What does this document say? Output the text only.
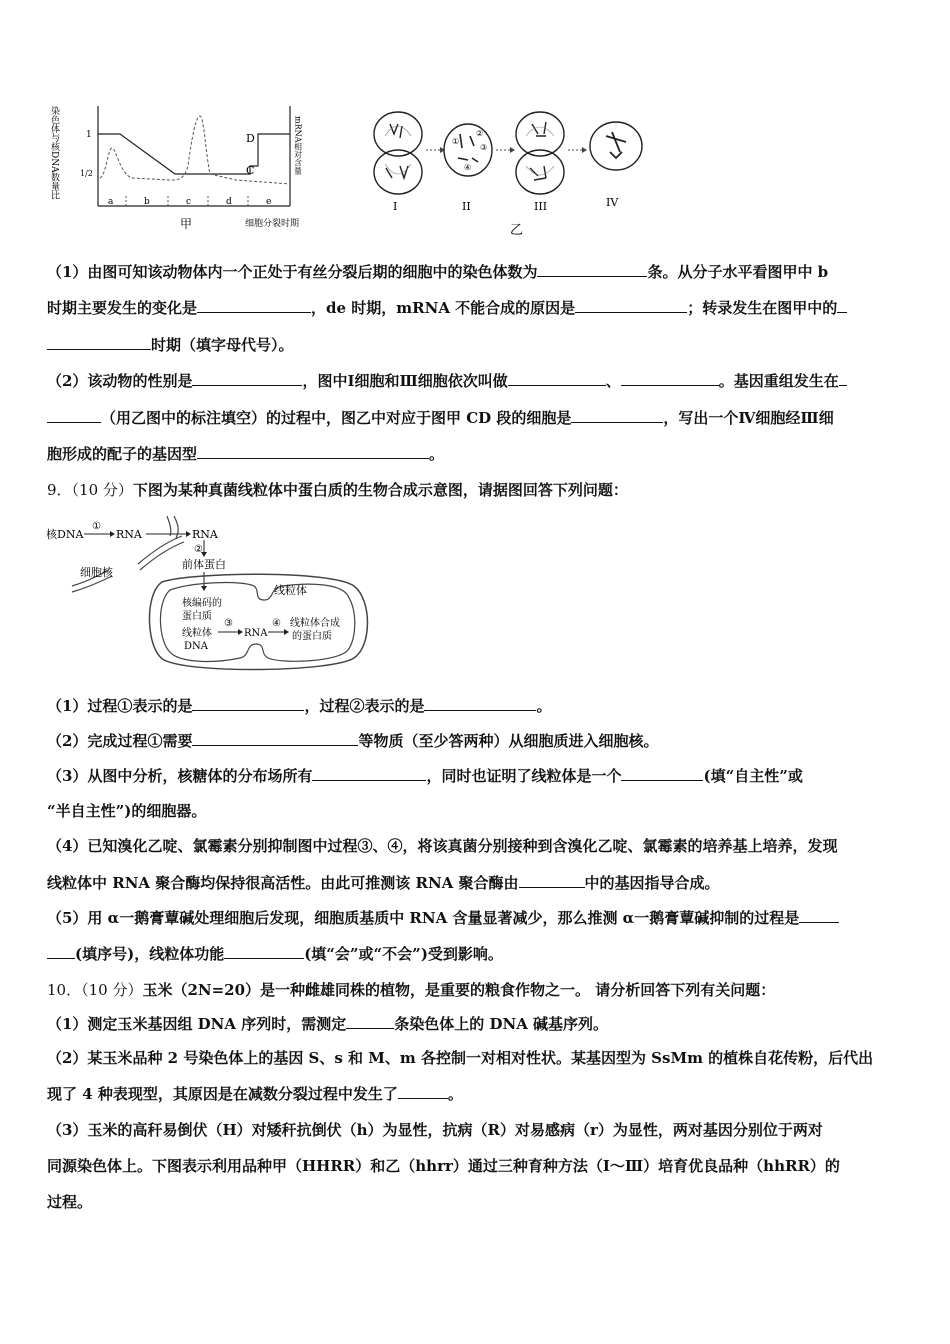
染色体与核DNA数量比	1
1/2
a	b	c	d	e
D
C	mRNA相对含量
甲	细胞分裂时期
I
①
②
③
④
II	III	IV
乙
（1）由图可知该动物体内一个正处于有丝分裂后期的细胞中的染色体数为	条。从分子水平看图甲中 b
时期主要发生的变化是	，de 时期，mRNA 不能合成的原因是	；转录发生在图甲中的
时期（填字母代号）。
（2）该动物的性别是	，图中Ⅰ细胞和Ⅲ细胞依次叫做	、	。基因重组发生在
（用乙图中的标注填空）的过程中，图乙中对应于图甲 CD 段的细胞是	，写出一个Ⅳ细胞经Ⅲ细
胞形成的配子的基因型	。
9．（10 分）下图为某种真菌线粒体中蛋白质的生物合成示意图，请据图回答下列问题：
核DNA
①
RNA	RNA
细胞核
②
前体蛋白
线粒体
核编码的
蛋白质
线粒体
DNA
③
RNA
④ 线粒体合成
的蛋白质
（1）过程①表示的是	，过程②表示的是	。
（2）完成过程①需要	等物质（至少答两种）从细胞质进入细胞核。
（3）从图中分析，核糖体的分布场所有	，同时也证明了线粒体是一个	(填“自主性”或
“半自主性”)的细胞器。
（4）已知溴化乙啶、氯霉素分别抑制图中过程③、④，将该真菌分别接种到含溴化乙啶、氯霉素的培养基上培养，发现
线粒体中 RNA 聚合酶均保持很高活性。由此可推测该 RNA 聚合酶由	中的基因指导合成。
（5）用 α一鹅膏蕈碱处理细胞后发现，细胞质基质中 RNA 含量显著减少，那么推测 α一鹅膏蕈碱抑制的过程是
(填序号)，线粒体功能	(填“会”或“不会”)受到影响。
10．（10 分）玉米（2N=20）是一种雌雄同株的植物，是重要的粮食作物之一。 请分析回答下列有关问题：
（1）测定玉米基因组 DNA 序列时，需测定	条染色体上的 DNA 碱基序列。
（2）某玉米品种 2 号染色体上的基因 S、s 和 M、m 各控制一对相对性状。某基因型为 SsMm 的植株自花传粉，后代出
现了 4 种表现型，其原因是在减数分裂过程中发生了	。
（3）玉米的高秆易倒伏（H）对矮秆抗倒伏（h）为显性，抗病（R）对易感病（r）为显性，两对基因分别位于两对
同源染色体上。下图表示利用品种甲（HHRR）和乙（hhrr）通过三种育种方法（Ⅰ～Ⅲ）培育优良品种（hhRR）的
过程。
